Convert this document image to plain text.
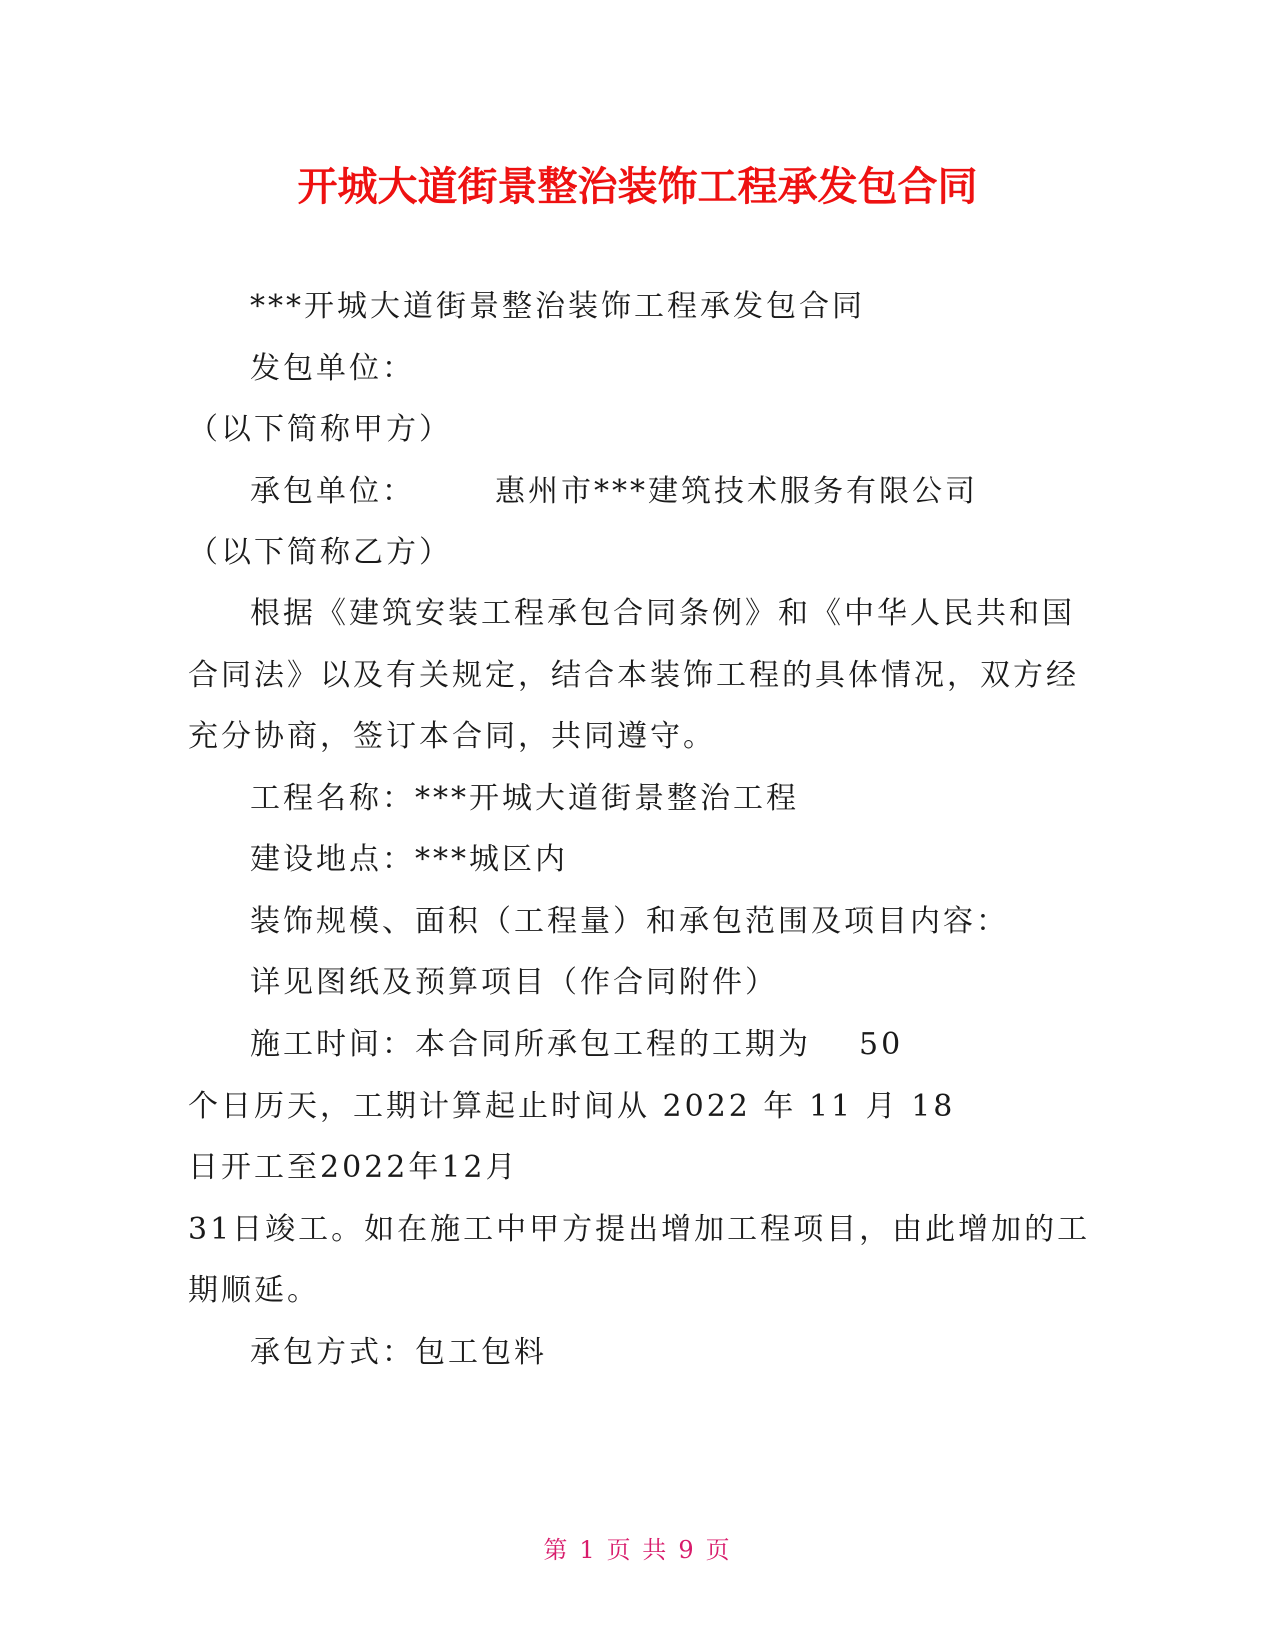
开城大道街景整治装饰工程承发包合同
***开城大道街景整治装饰工程承发包合同
发包单位：
（以下简称甲方）
承包单位：	惠州市***建筑技术服务有限公司
（以下简称乙方）
根据《建筑安装工程承包合同条例》和《中华人民共和国
合同法》以及有关规定，结合本装饰工程的具体情况，双方经
充分协商，签订本合同，共同遵守。
工程名称：***开城大道街景整治工程
建设地点：***城区内
装饰规模、面积（工程量）和承包范围及项目内容：
详见图纸及预算项目（作合同附件）
施工时间：本合同所承包工程的工期为 50
个日历天，工期计算起止时间从 2022 年 11 月 18
日开工至2022年12月
31日竣工。如在施工中甲方提出增加工程项目，由此增加的工
期顺延。
承包方式：包工包料
第 1 页 共 9 页
